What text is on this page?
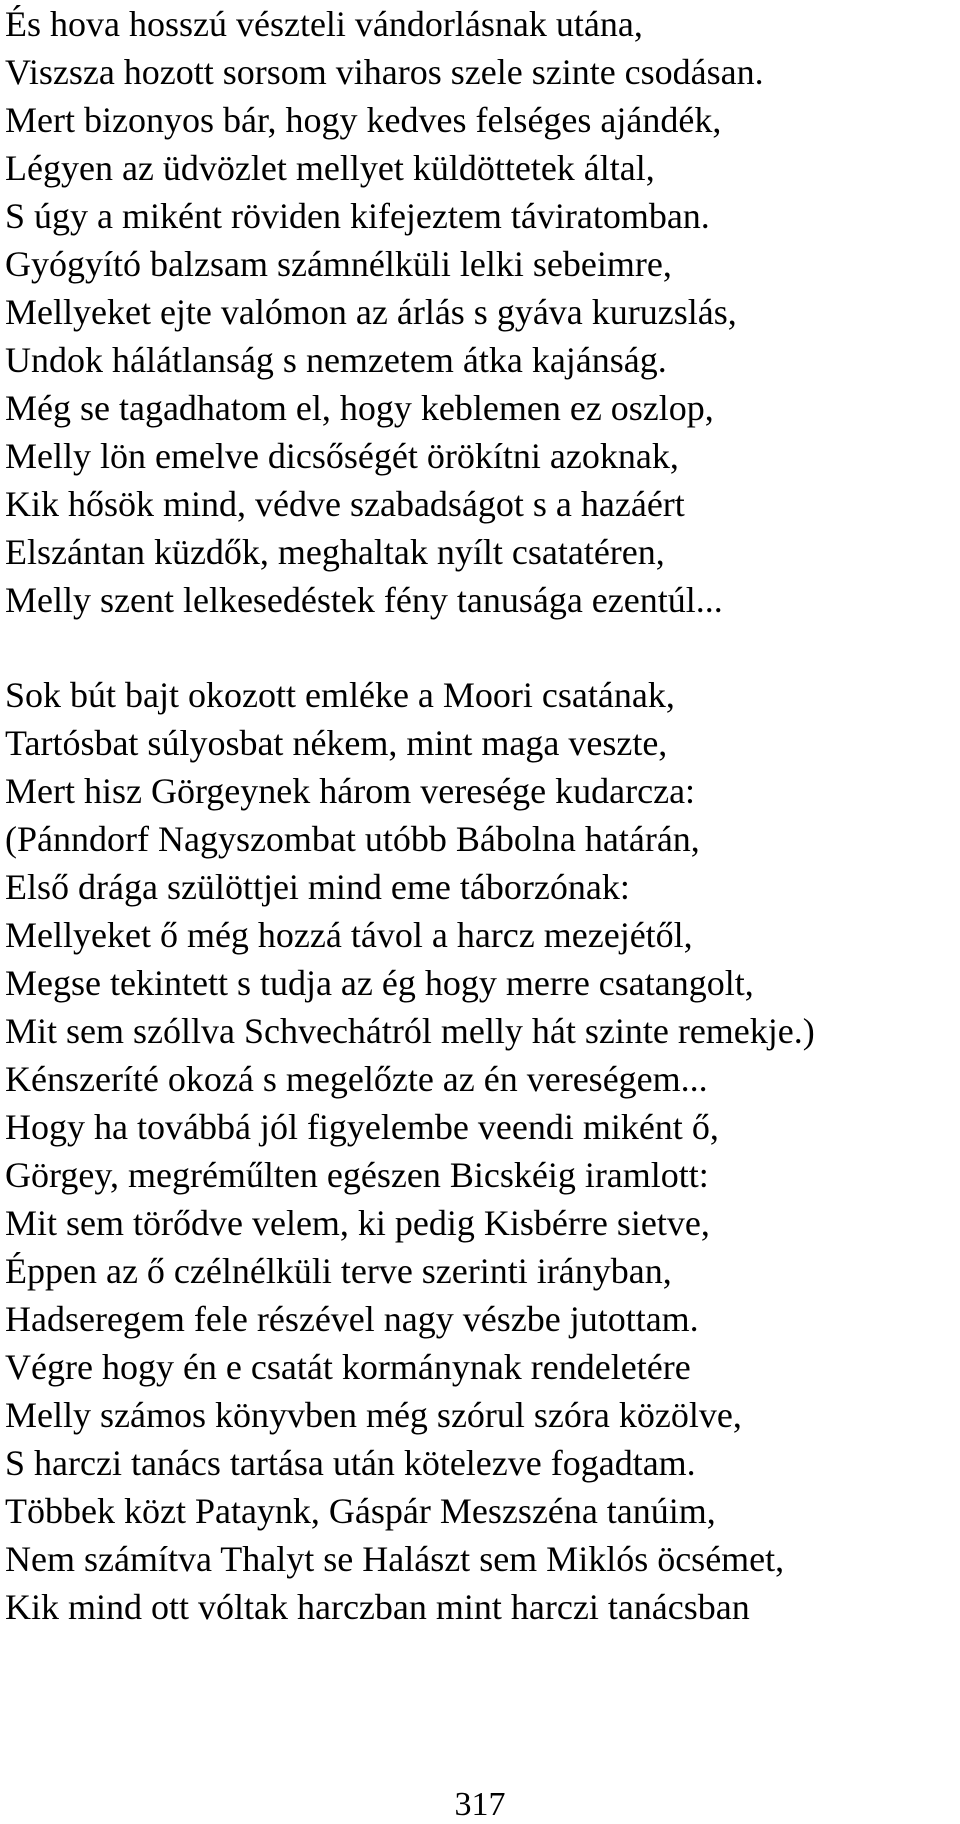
És hova hosszú vészteli vándorlásnak utána,
Viszsza hozott sorsom viharos szele szinte csodásan.
Mert bizonyos bár, hogy kedves felséges ajándék,
Légyen az üdvözlet mellyet küldöttetek által,
S úgy a miként röviden kifejeztem táviratomban.
Gyógyító balzsam számnélküli lelki sebeimre,
Mellyeket ejte valómon az árlás s gyáva kuruzslás,
Undok hálátlanság s nemzetem átka kajánság.
Még se tagadhatom el, hogy keblemen ez oszlop,
Melly lön emelve dicsőségét örökítni azoknak,
Kik hősök mind, védve szabadságot s a hazáért
Elszántan küzdők, meghaltak nyílt csatatéren,
Melly szent lelkesedéstek fény tanusága ezentúl...
Sok bút bajt okozott emléke a Moori csatának,
Tartósbat súlyosbat nékem, mint maga veszte,
Mert hisz Görgeynek három veresége kudarcza:
(Pánndorf Nagyszombat utóbb Bábolna határán,
Első drága szülöttjei mind eme táborzónak:
Mellyeket ő még hozzá távol a harcz mezejétől,
Megse tekintett s tudja az ég hogy merre csatangolt,
Mit sem szóllva Schvechátról melly hát szinte remekje.)
Kénszeríté okozá s megelőzte az én vereségem...
Hogy ha továbbá jól figyelembe veendi miként ő,
Görgey, megréműlten egészen Bicskéig iramlott:
Mit sem törődve velem, ki pedig Kisbérre sietve,
Éppen az ő czélnélküli terve szerinti irányban,
Hadseregem fele részével nagy vészbe jutottam.
Végre hogy én e csatát kormánynak rendeletére
Melly számos könyvben még szórul szóra közölve,
S harczi tanács tartása után kötelezve fogadtam.
Többek közt Pataynk, Gáspár Meszszéna tanúim,
Nem számítva Thalyt se Halászt sem Miklós öcsémet,
Kik mind ott vóltak harczban mint harczi tanácsban
317
